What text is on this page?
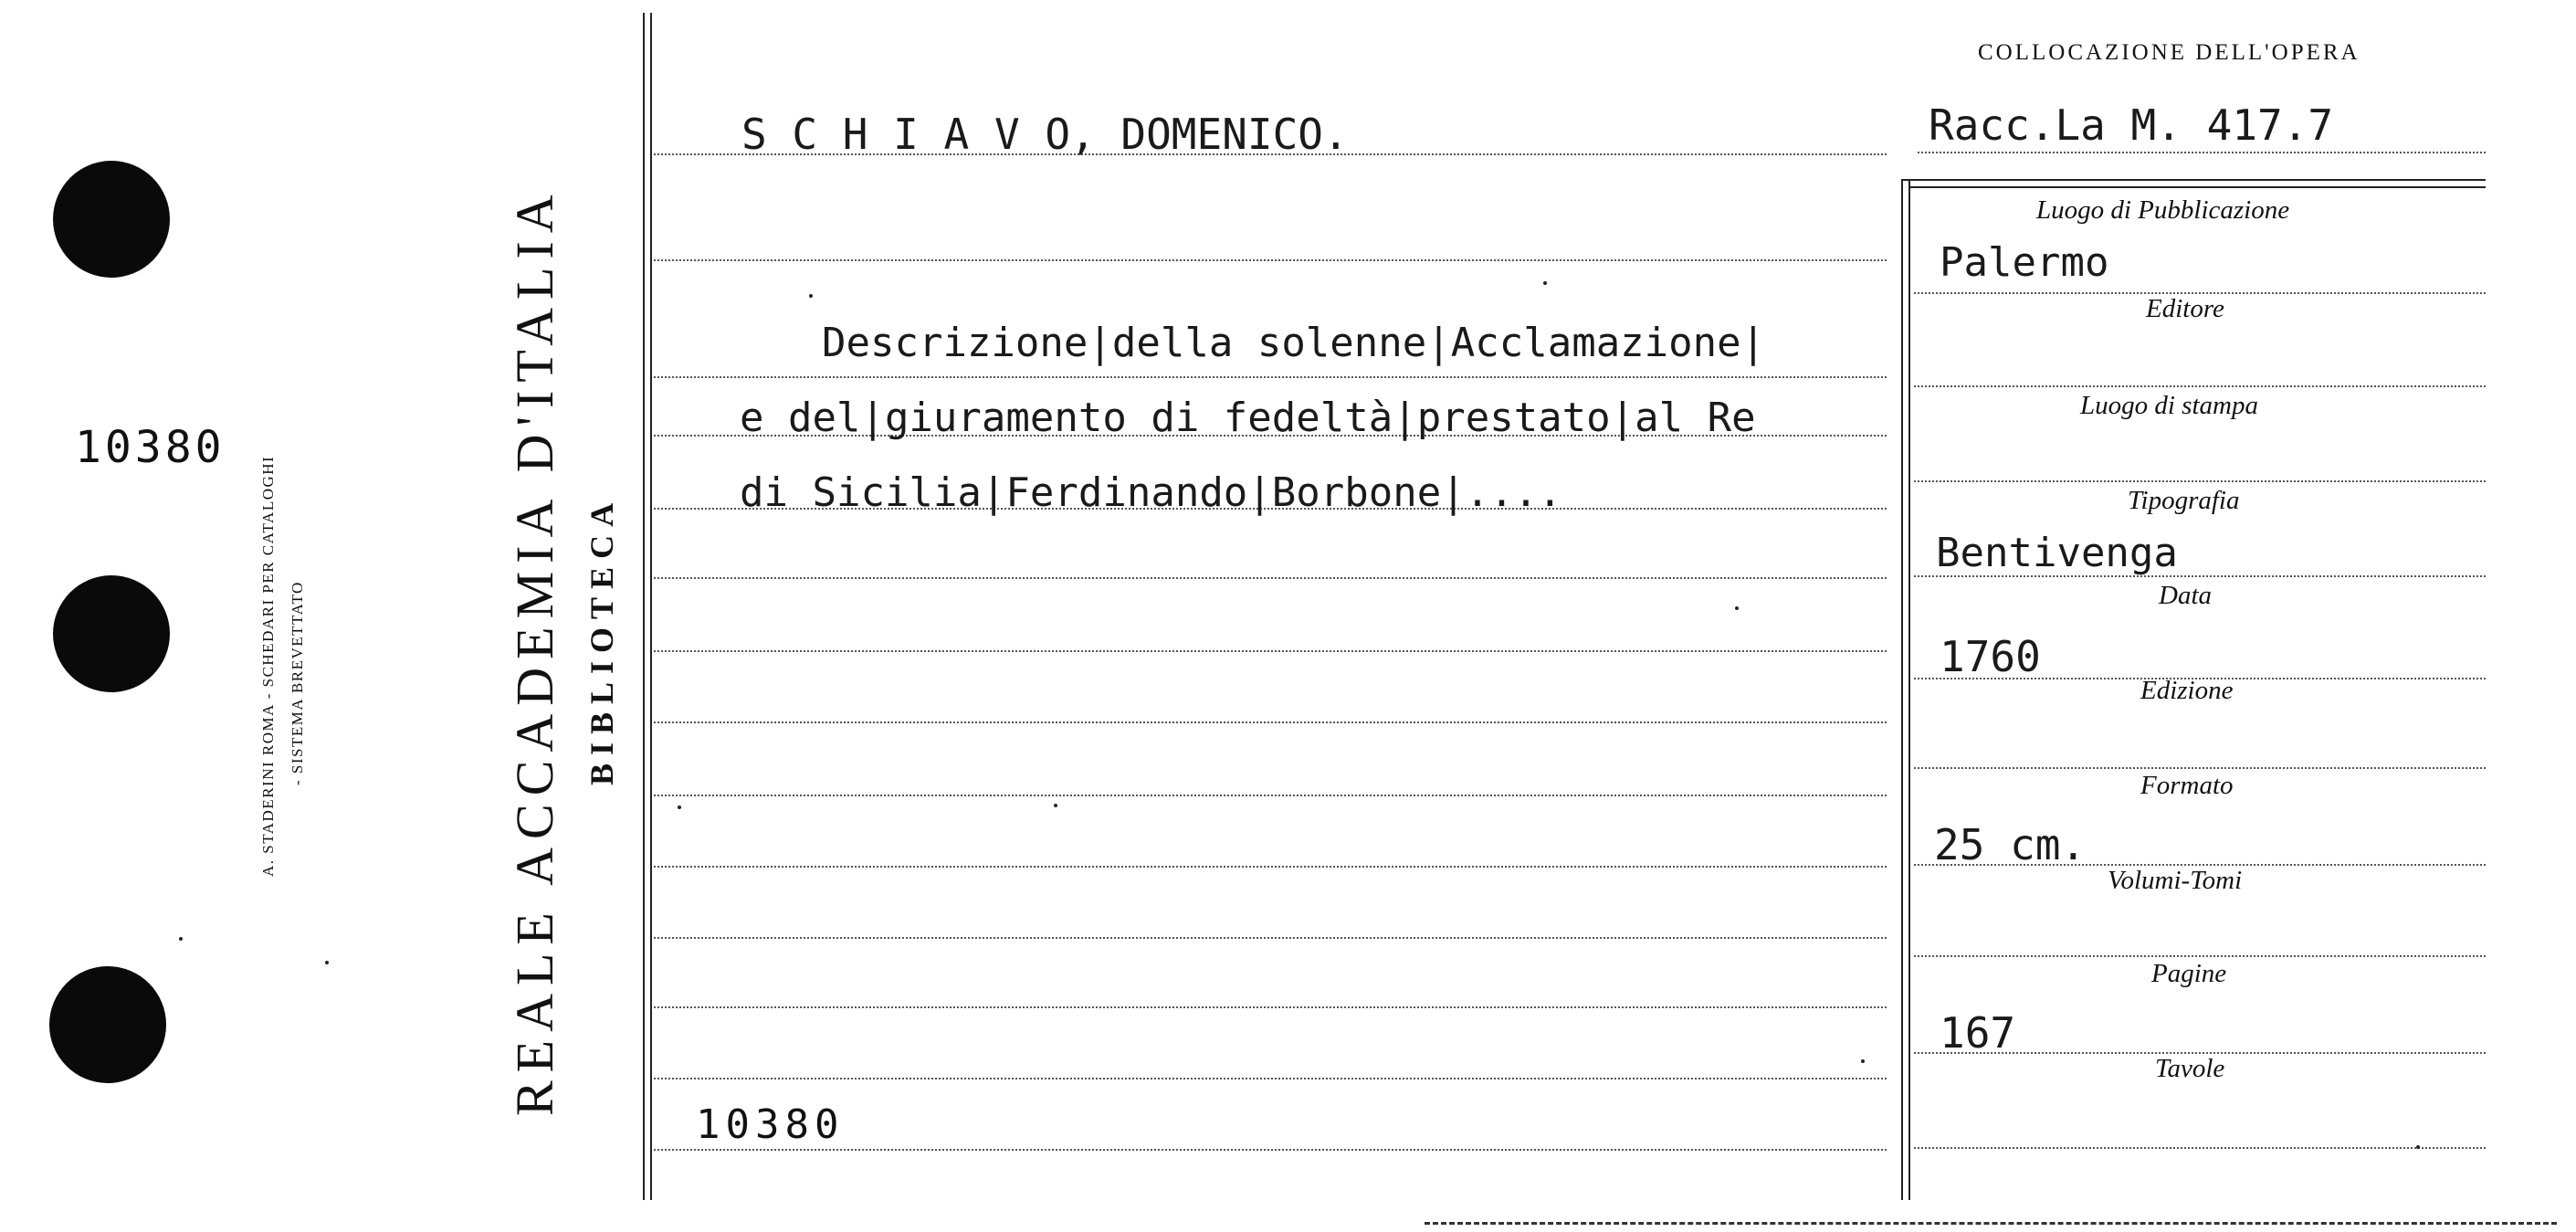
10380
A. STADERINI ROMA - SCHEDARI PER CATALOGHI - SISTEMA BREVETTATO	REALE ACCADEMIA D'ITALIA BIBLIOTECA
S C H I A V O, DOMENICO.
Descrizione|della solenne|Acclamazione|
e del|giuramento di fedeltà|prestato|al Re
di Sicilia|Ferdinando|Borbone|....
10380
COLLOCAZIONE DELL'OPERA
Racc.La M. 417.7
Luogo di Pubblicazione
Palermo
Editore
Luogo di stampa
Tipografia
Bentivenga
Data
1760
Edizione
Formato
25 cm.
Volumi-Tomi
Pagine
167
Tavole
